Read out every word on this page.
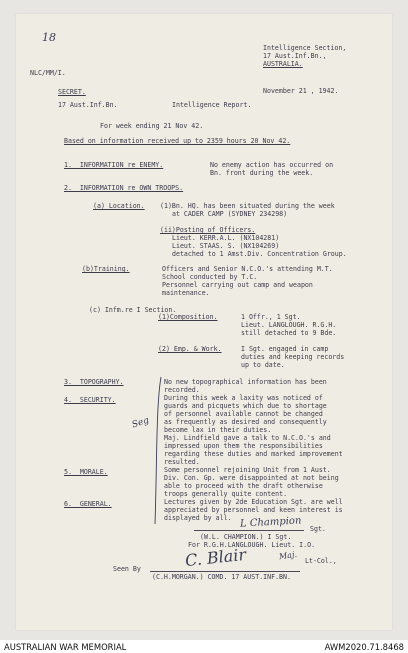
18

Intelligence Section,

17 Aust.Inf.Bn.,

AUSTRALIA.

NLC/MM/I.

November 21 , 1942.

SECRET.

17 Aust.Inf.Bn.	Intelligence Report.

For week ending 21 Nov 42.

Based on information received up to 2359 hours 20 Nov 42.

1.  INFORMATION re ENEMY.	No enemy action has occurred on

Bn. front during the week.

2.  INFORMATION re OWN TROOPS.

(a) Location. (1)Bn. HQ. has been situated during the week

at CADER CAMP (SYDNEY 234298)

(ii)Posting of Officers.

Lieut. KERR.A.L. (NX104281)

Lieut. STAAS. S. (NX104269)

detached to 1 Amst.Div. Concentration Group.

(b)Training.	Officers and Senior N.C.O.'s attending M.T.

School conducted by T.C.

Personnel carrying out camp and weapon

maintenance.

(c) Infm.re I Section.

(1)Composition.	1 Offr., 1 Sgt.

Lieut. LANGLOUGH. R.G.H.

still detached to 9 Bde.

(2) Emp. & Work.	I Sgt. engaged in camp

duties and keeping records

up to date.

Seg

3.  TOPOGRAPHY.	No new topographical information has been

recorded.

4.  SECURITY.	During this week a laxity was noticed of

guards and picquets which due to shortage

of personnel available cannot be changed

as frequently as desired and consequently

become lax in their duties.

Maj. Lindfield gave a talk to N.C.O.'s and

impressed upon them the responsibilities

regarding these duties and marked improvement

resulted.

5.  MORALE.	Some personnel rejoining Unit from 1 Aust.

Div. Con. Gp. were disappointed at not being

able to proceed with the draft otherwise

troops generally quite content.

6.  GENERAL.	Lectures given by 2de Education Sgt. are well

appreciated by personnel and keen interest is

displayed by all. L Champion Sgt.

(W.L. CHAMPION.) I Sgt.

For R.G.H.LANGLOUGH. Lieut. I.O.

C. Blair	Maj. Lt-Col.,

Seen By

(C.H.MORGAN.) COMD. 17 AUST.INF.BN.

AUSTRALIAN WAR MEMORIAL	AWM2020.71.8468
